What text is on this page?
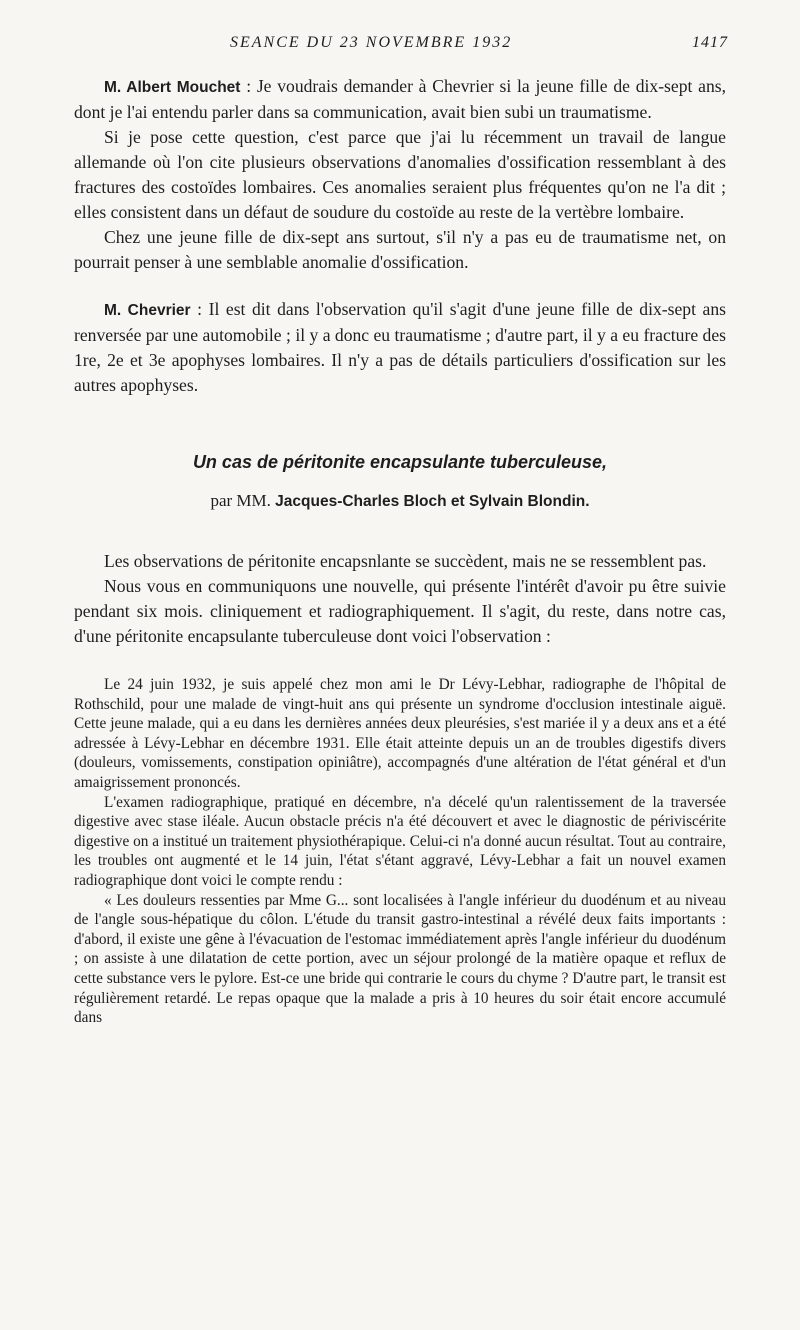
SEANCE DU 23 NOVEMBRE 1932	1417

M. Albert Mouchet : Je voudrais demander à Chevrier si la jeune fille de dix-sept ans, dont je l'ai entendu parler dans sa communication, avait bien subi un traumatisme.

Si je pose cette question, c'est parce que j'ai lu récemment un travail de langue allemande où l'on cite plusieurs observations d'anomalies d'ossification ressemblant à des fractures des costoïdes lombaires. Ces anomalies seraient plus fréquentes qu'on ne l'a dit ; elles consistent dans un défaut de soudure du costoïde au reste de la vertèbre lombaire.

Chez une jeune fille de dix-sept ans surtout, s'il n'y a pas eu de traumatisme net, on pourrait penser à une semblable anomalie d'ossification.

M. Chevrier : Il est dit dans l'observation qu'il s'agit d'une jeune fille de dix-sept ans renversée par une automobile ; il y a donc eu traumatisme ; d'autre part, il y a eu fracture des 1re, 2e et 3e apophyses lombaires. Il n'y a pas de détails particuliers d'ossification sur les autres apophyses.

Un cas de péritonite encapsulante tuberculeuse,

par MM. Jacques-Charles Bloch et Sylvain Blondin.

Les observations de péritonite encapsnlante se succèdent, mais ne se ressemblent pas.

Nous vous en communiquons une nouvelle, qui présente l'intérêt d'avoir pu être suivie pendant six mois. cliniquement et radiographiquement. Il s'agit, du reste, dans notre cas, d'une péritonite encapsulante tuberculeuse dont voici l'observation :

Le 24 juin 1932, je suis appelé chez mon ami le Dr Lévy-Lebhar, radiographe de l'hôpital de Rothschild, pour une malade de vingt-huit ans qui présente un syndrome d'occlusion intestinale aiguë. Cette jeune malade, qui a eu dans les dernières années deux pleurésies, s'est mariée il y a deux ans et a été adressée à Lévy-Lebhar en décembre 1931. Elle était atteinte depuis un an de troubles digestifs divers (douleurs, vomissements, constipation opiniâtre), accompagnés d'une altération de l'état général et d'un amaigrissement prononcés.

L'examen radiographique, pratiqué en décembre, n'a décelé qu'un ralentissement de la traversée digestive avec stase iléale. Aucun obstacle précis n'a été découvert et avec le diagnostic de périviscérite digestive on a institué un traitement physiothérapique. Celui-ci n'a donné aucun résultat. Tout au contraire, les troubles ont augmenté et le 14 juin, l'état s'étant aggravé, Lévy-Lebhar a fait un nouvel examen radiographique dont voici le compte rendu :

« Les douleurs ressenties par Mme G... sont localisées à l'angle inférieur du duodénum et au niveau de l'angle sous-hépatique du côlon. L'étude du transit gastro-intestinal a révélé deux faits importants : d'abord, il existe une gêne à l'évacuation de l'estomac immédiatement après l'angle inférieur du duodénum ; on assiste à une dilatation de cette portion, avec un séjour prolongé de la matière opaque et reflux de cette substance vers le pylore. Est-ce une bride qui contrarie le cours du chyme ? D'autre part, le transit est régulièrement retardé. Le repas opaque que la malade a pris à 10 heures du soir était encore accumulé dans
